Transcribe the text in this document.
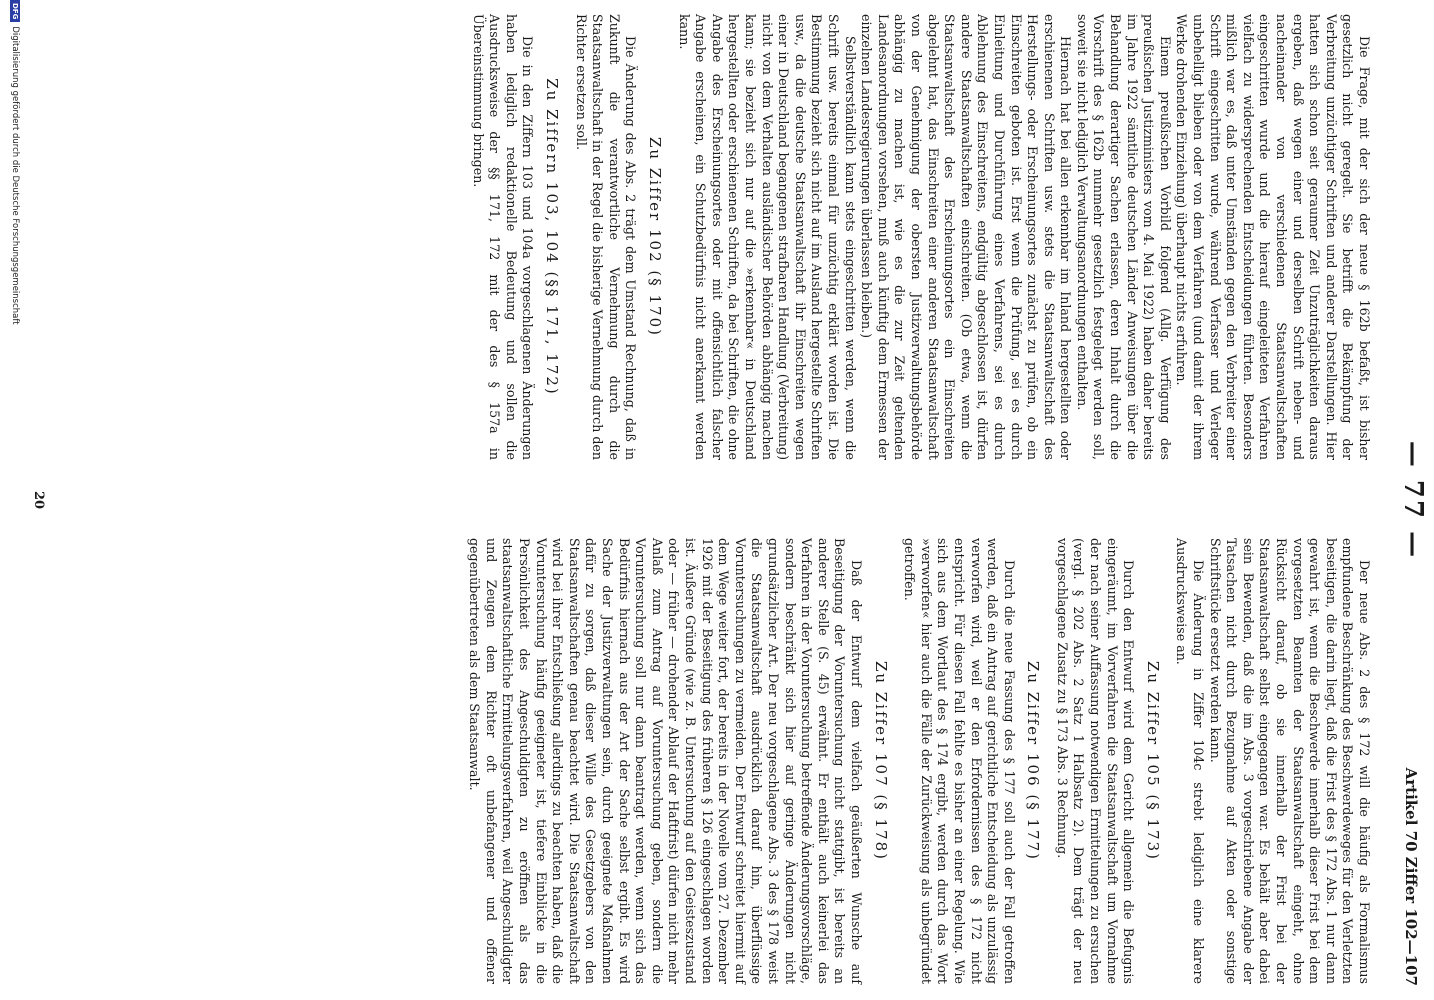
— 77 —
Artikel 70 Ziffer 102—107

Die Frage, mit der sich der neue § 162b befaßt, ist bisher gesetzlich nicht geregelt. Sie betrifft die Bekämpfung der Verbreitung unzüchtiger Schriften und anderer Darstellungen. Hier hatten sich schon seit geraumer Zeit Unzuträglichkeiten daraus ergeben, daß wegen einer und derselben Schrift neben- und nacheinander von verschiedenen Staatsanwaltschaften eingeschritten wurde und die hierauf eingeleiteten Verfahren vielfach zu widersprechenden Entscheidungen führten. Besonders mißlich war es, daß unter Umständen gegen den Verbreiter einer Schrift eingeschritten wurde, während Verfasser und Verleger unbehelligt blieben oder von dem Verfahren (und damit der ihrem Werke drohenden Einziehung) überhaupt nichts erfuhren.

Einem preußischen Vorbild folgend (Allg. Verfügung des preußischen Justizministers vom 4. Mai 1922) haben daher bereits im Jahre 1922 sämtliche deutschen Länder Anweisungen über die Behandlung derartiger Sachen erlassen, deren Inhalt durch die Vorschrift des § 162b nunmehr gesetzlich festgelegt werden soll, soweit sie nicht lediglich Verwaltungsanordnungen enthalten.

Hiernach hat bei allen erkennbar im Inland hergestellten oder erschienenen Schriften usw. stets die Staatsanwaltschaft des Herstellungs- oder Erscheinungsortes zunächst zu prüfen, ob ein Einschreiten geboten ist. Erst wenn die Prüfung, sei es durch Einleitung und Durchführung eines Verfahrens, sei es durch Ablehnung des Einschreitens, endgültig abgeschlossen ist, dürfen andere Staatsanwaltschaften einschreiten. (Ob etwa, wenn die Staatsanwaltschaft des Erscheinungsortes ein Einschreiten abgelehnt hat, das Einschreiten einer anderen Staatsanwaltschaft von der Genehmigung der obersten Justizverwaltungsbehörde abhängig zu machen ist, wie es die zur Zeit geltenden Landesanordnungen vorsehen, muß auch künftig dem Ermessen der einzelnen Landesregierungen überlassen bleiben.)

Selbstverständlich kann stets eingeschritten werden, wenn die Schrift usw. bereits einmal für unzüchtig erklärt worden ist. Die Bestimmung bezieht sich nicht auf im Ausland hergestellte Schriften usw., da die deutsche Staatsanwaltschaft ihr Einschreiten wegen einer in Deutschland begangenen strafbaren Handlung (Verbreitung) nicht von dem Verhalten ausländischer Behörden abhängig machen kann; sie bezieht sich nur auf die »erkennbar« in Deutschland hergestellten oder erschienenen Schriften, da bei Schriften, die ohne Angabe des Erscheinungsortes oder mit offensichtlich falscher Angabe erscheinen, ein Schutzbedürfnis nicht anerkannt werden kann.

Zu Ziffer 102 (§ 170)

Die Änderung des Abs. 2 trägt dem Umstand Rechnung, daß in Zukunft die verantwortliche Vernehmung durch die Staatsanwaltschaft in der Regel die bisherige Vernehmung durch den Richter ersetzen soll.

Zu Ziffern 103, 104 (§§ 171, 172)

Die in den Ziffern 103 und 104a vorgeschlagenen Änderungen haben lediglich redaktionelle Bedeutung und sollen die Ausdrucksweise der §§ 171, 172 mit der des § 157a in Übereinstimmung bringen.

Der neue Abs. 2 des § 172 will die häufig als Formalismus empfundene Beschränkung des Beschwerdeweges für den Verletzten beseitigen, die darin liegt, daß die Frist des § 172 Abs. 1 nur dann gewahrt ist, wenn die Beschwerde innerhalb dieser Frist bei dem vorgesetzten Beamten der Staatsanwaltschaft eingeht, ohne Rücksicht darauf, ob sie innerhalb der Frist bei der Staatsanwaltschaft selbst eingegangen war. Es behält aber dabei sein Bewenden, daß die im Abs. 3 vorgeschriebene Angabe der Tatsachen nicht durch Bezugnahme auf Akten oder sonstige Schriftstücke ersetzt werden kann.

Die Änderung in Ziffer 104c strebt lediglich eine klarere Ausdrucksweise an.

Zu Ziffer 105 (§ 173)

Durch den Entwurf wird dem Gericht allgemein die Befugnis eingeräumt, im Vorverfahren die Staatsanwaltschaft um Vornahme der nach seiner Auffassung notwendigen Ermittelungen zu ersuchen (vergl. § 202 Abs. 2 Satz 1 Halbsatz 2). Dem trägt der neu vorgeschlagene Zusatz zu § 173 Abs. 3 Rechnung.

Zu Ziffer 106 (§ 177)

Durch die neue Fassung des § 177 soll auch der Fall getroffen werden, daß ein Antrag auf gerichtliche Entscheidung als unzulässig verworfen wird, weil er den Erfordernissen des § 172 nicht entspricht. Für diesen Fall fehlte es bisher an einer Regelung. Wie sich aus dem Wortlaut des § 174 ergibt, werden durch das Wort »verworfen« hier auch die Fälle der Zurückweisung als unbegründet getroffen.

Zu Ziffer 107 (§ 178)

Daß der Entwurf dem vielfach geäußerten Wunsche auf Beseitigung der Voruntersuchung nicht stattgibt, ist bereits an anderer Stelle (S. 45) erwähnt. Er enthält auch keinerlei das Verfahren in der Voruntersuchung betreffende Änderungsvorschläge, sondern beschränkt sich hier auf geringe Änderungen nicht grundsätzlicher Art. Der neu vorgeschlagene Abs. 3 des § 178 weist die Staatsanwaltschaft ausdrücklich darauf hin, überflüssige Voruntersuchungen zu vermeiden. Der Entwurf schreitet hiermit auf dem Wege weiter fort, der bereits in der Novelle vom 27. Dezember 1926 mit der Beseitigung des früheren § 126 eingeschlagen worden ist. Äußere Gründe (wie z. B. Untersuchung auf den Geisteszustand oder — früher — drohender Ablauf der Haftfrist) dürfen nicht mehr Anlaß zum Antrag auf Voruntersuchung geben, sondern die Voruntersuchung soll nur dann beantragt werden, wenn sich das Bedürfnis hiernach aus der Art der Sache selbst ergibt. Es wird Sache der Justizverwaltungen sein, durch geeignete Maßnahmen dafür zu sorgen, daß dieser Wille des Gesetzgebers von den Staatsanwaltschaften genau beachtet wird. Die Staatsanwaltschaft wird bei ihrer Entschließung allerdings zu beachten haben, daß die Voruntersuchung häufig geeigneter ist, tiefere Einblicke in die Persönlichkeit des Angeschuldigten zu eröffnen als das staatsanwaltschaftliche Ermittelungsverfahren, weil Angeschuldigter und Zeugen dem Richter oft unbefangener und offener gegenübertreten als dem Staatsanwalt.

20
DFGDigitalisierung gefördert durch die Deutsche Forschungsgemeinschaft
